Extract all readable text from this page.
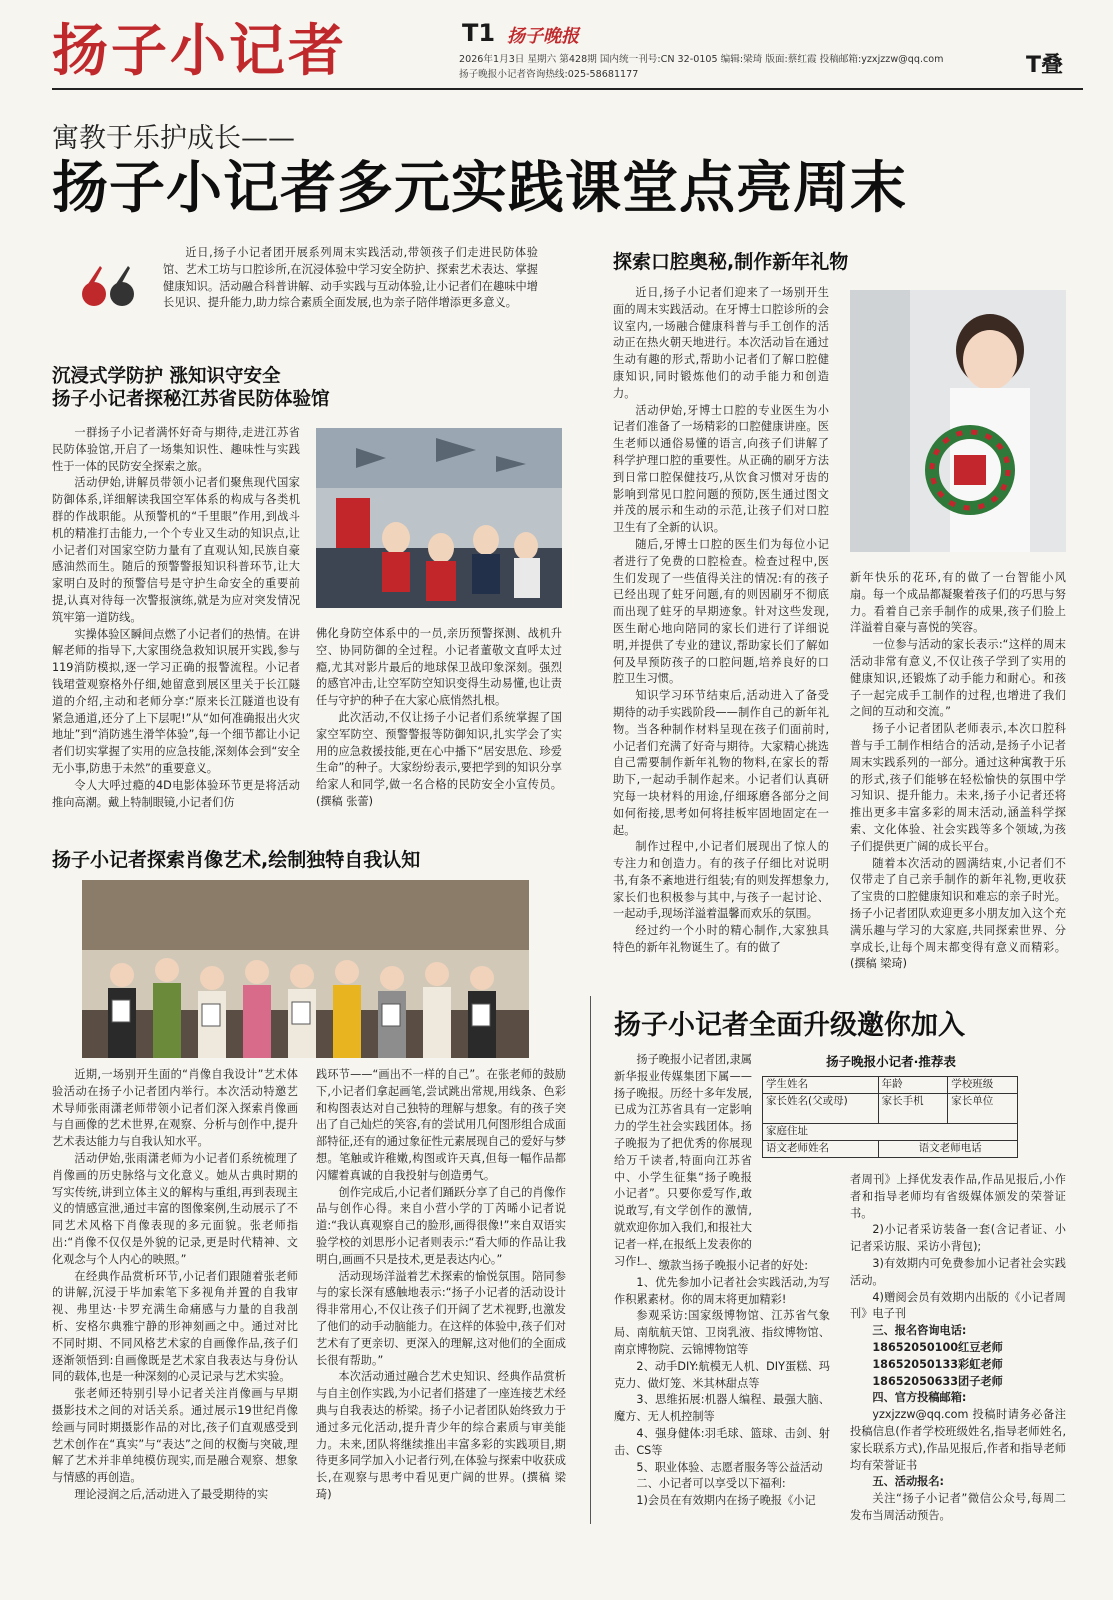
扬子小记者	T1 扬子晚报
2026年1月3日 星期六 第428期 国内统一刊号:CN 32-0105 编辑:梁琦 版面:蔡红霞 投稿邮箱:yzxjzzw@qq.com
扬子晚报小记者咨询热线:025-58681177	T叠
寓教于乐护成长——
扬子小记者多元实践课堂点亮周末

近日,扬子小记者团开展系列周末实践活动,带领孩子们走进民防体验馆、艺术工坊与口腔诊所,在沉浸体验中学习安全防护、探索艺术表达、掌握健康知识。活动融合科普讲解、动手实践与互动体验,让小记者们在趣味中增长见识、提升能力,助力综合素质全面发展,也为亲子陪伴增添更多意义。

沉浸式学防护 涨知识守安全
扬子小记者探秘江苏省民防体验馆

一群扬子小记者满怀好奇与期待,走进江苏省民防体验馆,开启了一场集知识性、趣味性与实践性于一体的民防安全探索之旅。

活动伊始,讲解员带领小记者们聚焦现代国家防御体系,详细解读我国空军体系的构成与各类机群的作战职能。从预警机的“千里眼”作用,到战斗机的精准打击能力,一个个专业又生动的知识点,让小记者们对国家空防力量有了直观认知,民族自豪感油然而生。随后的预警警报知识科普环节,让大家明白及时的预警信号是守护生命安全的重要前提,认真对待每一次警报演练,就是为应对突发情况筑牢第一道防线。

实操体验区瞬间点燃了小记者们的热情。在讲解老师的指导下,大家围绕急救知识展开实践,参与119消防模拟,逐一学习正确的报警流程。小记者钱珺萱观察格外仔细,她留意到展区里关于长江隧道的介绍,主动和老师分享:“原来长江隧道也设有紧急通道,还分了上下层呢!”从“如何准确报出火灾地址”到“消防逃生滑竿体验”,每一个细节都让小记者们切实掌握了实用的应急技能,深刻体会到“安全无小事,防患于未然”的重要意义。

令人大呼过瘾的4D电影体验环节更是将活动推向高潮。戴上特制眼镜,小记者们仿

佛化身防空体系中的一员,亲历预警探测、战机升空、协同防御的全过程。小记者董敬文直呼太过瘾,尤其对影片最后的地球保卫战印象深刻。强烈的感官冲击,让空军防空知识变得生动易懂,也让责任与守护的种子在大家心底悄然扎根。

此次活动,不仅让扬子小记者们系统掌握了国家空军防空、预警警报等防御知识,扎实学会了实用的应急救援技能,更在心中播下“居安思危、珍爱生命”的种子。大家纷纷表示,要把学到的知识分享给家人和同学,做一名合格的民防安全小宣传员。(撰稿 张蕾)

探索口腔奥秘,制作新年礼物

近日,扬子小记者们迎来了一场别开生面的周末实践活动。在牙博士口腔诊所的会议室内,一场融合健康科普与手工创作的活动正在热火朝天地进行。本次活动旨在通过生动有趣的形式,帮助小记者们了解口腔健康知识,同时锻炼他们的动手能力和创造力。

活动伊始,牙博士口腔的专业医生为小记者们准备了一场精彩的口腔健康讲座。医生老师以通俗易懂的语言,向孩子们讲解了科学护理口腔的重要性。从正确的刷牙方法到日常口腔保健技巧,从饮食习惯对牙齿的影响到常见口腔问题的预防,医生通过图文并茂的展示和生动的示范,让孩子们对口腔卫生有了全新的认识。

随后,牙博士口腔的医生们为每位小记者进行了免费的口腔检查。检查过程中,医生们发现了一些值得关注的情况:有的孩子已经出现了蛀牙问题,有的则因刷牙不彻底而出现了蛀牙的早期迹象。针对这些发现,医生耐心地向陪同的家长们进行了详细说明,并提供了专业的建议,帮助家长们了解如何及早预防孩子的口腔问题,培养良好的口腔卫生习惯。

知识学习环节结束后,活动进入了备受期待的动手实践阶段——制作自己的新年礼物。当各种制作材料呈现在孩子们面前时,小记者们充满了好奇与期待。大家精心挑选自己需要制作新年礼物的物料,在家长的帮助下,一起动手制作起来。小记者们认真研究每一块材料的用途,仔细琢磨各部分之间如何衔接,思考如何将挂板牢固地固定在一起。

制作过程中,小记者们展现出了惊人的专注力和创造力。有的孩子仔细比对说明书,有条不紊地进行组装;有的则发挥想象力,家长们也积极参与其中,与孩子一起讨论、一起动手,现场洋溢着温馨而欢乐的氛围。

经过约一个小时的精心制作,大家独具特色的新年礼物诞生了。有的做了

新年快乐的花环,有的做了一台智能小风扇。每一个成品都凝聚着孩子们的巧思与努力。看着自己亲手制作的成果,孩子们脸上洋溢着自豪与喜悦的笑容。

一位参与活动的家长表示:“这样的周末活动非常有意义,不仅让孩子学到了实用的健康知识,还锻炼了动手能力和耐心。和孩子一起完成手工制作的过程,也增进了我们之间的互动和交流。”

扬子小记者团队老师表示,本次口腔科普与手工制作相结合的活动,是扬子小记者周末实践系列的一部分。通过这种寓教于乐的形式,孩子们能够在轻松愉快的氛围中学习知识、提升能力。未来,扬子小记者还将推出更多丰富多彩的周末活动,涵盖科学探索、文化体验、社会实践等多个领域,为孩子们提供更广阔的成长平台。

随着本次活动的圆满结束,小记者们不仅带走了自己亲手制作的新年礼物,更收获了宝贵的口腔健康知识和难忘的亲子时光。扬子小记者团队欢迎更多小朋友加入这个充满乐趣与学习的大家庭,共同探索世界、分享成长,让每个周末都变得有意义而精彩。(撰稿 梁琦)

扬子小记者探索肖像艺术,绘制独特自我认知

近期,一场别开生面的“肖像自我设计”艺术体验活动在扬子小记者团内举行。本次活动特邀艺术导师张雨潇老师带领小记者们深入探索肖像画与自画像的艺术世界,在观察、分析与创作中,提升艺术表达能力与自我认知水平。

活动伊始,张雨潇老师为小记者们系统梳理了肖像画的历史脉络与文化意义。她从古典时期的写实传统,讲到立体主义的解构与重组,再到表现主义的情感宣泄,通过丰富的图像案例,生动展示了不同艺术风格下肖像表现的多元面貌。张老师指出:“肖像不仅仅是外貌的记录,更是时代精神、文化观念与个人内心的映照。”

在经典作品赏析环节,小记者们跟随着张老师的讲解,沉浸于毕加索笔下多视角并置的自我审视、弗里达·卡罗充满生命痛感与力量的自我剖析、安格尔典雅宁静的形神刻画之中。通过对比不同时期、不同风格艺术家的自画像作品,孩子们逐渐领悟到:自画像既是艺术家自我表达与身份认同的载体,也是一种深刻的心灵记录与艺术实验。

张老师还特别引导小记者关注肖像画与早期摄影技术之间的对话关系。通过展示19世纪肖像绘画与同时期摄影作品的对比,孩子们直观感受到艺术创作在“真实”与“表达”之间的权衡与突破,理解了艺术并非单纯模仿现实,而是融合观察、想象与情感的再创造。

理论浸润之后,活动进入了最受期待的实

践环节——“画出不一样的自己”。在张老师的鼓励下,小记者们拿起画笔,尝试跳出常规,用线条、色彩和构图表达对自己独特的理解与想象。有的孩子突出了自己灿烂的笑容,有的尝试用几何图形组合成面部特征,还有的通过象征性元素展现自己的爱好与梦想。笔触或许稚嫩,构图或许天真,但每一幅作品都闪耀着真诚的自我投射与创造勇气。

创作完成后,小记者们踊跃分享了自己的肖像作品与创作心得。来自小营小学的丁芮晞小记者说道:“我认真观察自己的脸形,画得很像!”来自双语实验学校的刘思彤小记者则表示:“看大师的作品让我明白,画画不只是技术,更是表达内心。”

活动现场洋溢着艺术探索的愉悦氛围。陪同参与的家长深有感触地表示:“扬子小记者的活动设计得非常用心,不仅让孩子们开阔了艺术视野,也激发了他们的动手动脑能力。在这样的体验中,孩子们对艺术有了更亲切、更深入的理解,这对他们的全面成长很有帮助。”

本次活动通过融合艺术史知识、经典作品赏析与自主创作实践,为小记者们搭建了一座连接艺术经典与自我表达的桥梁。扬子小记者团队始终致力于通过多元化活动,提升青少年的综合素质与审美能力。未来,团队将继续推出丰富多彩的实践项目,期待更多同学加入小记者行列,在体验与探索中收获成长,在观察与思考中看见更广阔的世界。(撰稿 梁琦)

扬子小记者全面升级邀你加入

扬子晚报小记者团,隶属新华报业传媒集团下属——扬子晚报。历经十多年发展,已成为江苏省具有一定影响力的学生社会实践团体。扬子晚报为了把优秀的你展现给万千读者,特面向江苏省中、小学生征集“扬子晚报小记者”。只要你爱写作,敢说敢写,有文学创作的激情,就欢迎你加入我们,和报社大记者一样,在报纸上发表你的习作!

扬子晚报小记者·推荐表
学生姓名	年龄	学校班级
家长姓名(父或母)	家长手机	家长单位
家庭住址		
语文老师姓名	语文老师电话	

一、缴款当扬子晚报小记者的好处:

1、优先参加小记者社会实践活动,为写作积累素材。你的周末将更加精彩!

参观采访:国家级博物馆、江苏省气象局、南航航天馆、卫岗乳液、指纹博物馆、南京博物院、云锦博物馆等

2、动手DIY:航模无人机、DIY蛋糕、玛克力、做灯笼、米其林甜点等

3、思维拓展:机器人编程、最强大脑、魔方、无人机控制等

4、强身健体:羽毛球、篮球、击剑、射击、CS等

5、职业体验、志愿者服务等公益活动

二、小记者可以享受以下福利:

1)会员在有效期内在扬子晚报《小记

者周刊》上择优发表作品,作品见报后,小作者和指导老师均有省级媒体颁发的荣誉证书。

2)小记者采访装备一套(含记者证、小记者采访服、采访小背包);

3)有效期内可免费参加小记者社会实践活动。

4)赠阅会员有效期内出版的《小记者周刊》电子刊

三、报名咨询电话:

18652050100红豆老师

18652050133彩虹老师

18652050633团子老师

四、官方投稿邮箱:

yzxjzzw@qq.com 投稿时请务必备注投稿信息(作者学校班级姓名,指导老师姓名,家长联系方式),作品见报后,作者和指导老师均有荣誉证书

五、活动报名:

关注“扬子小记者”微信公众号,每周二发布当周活动预告。
